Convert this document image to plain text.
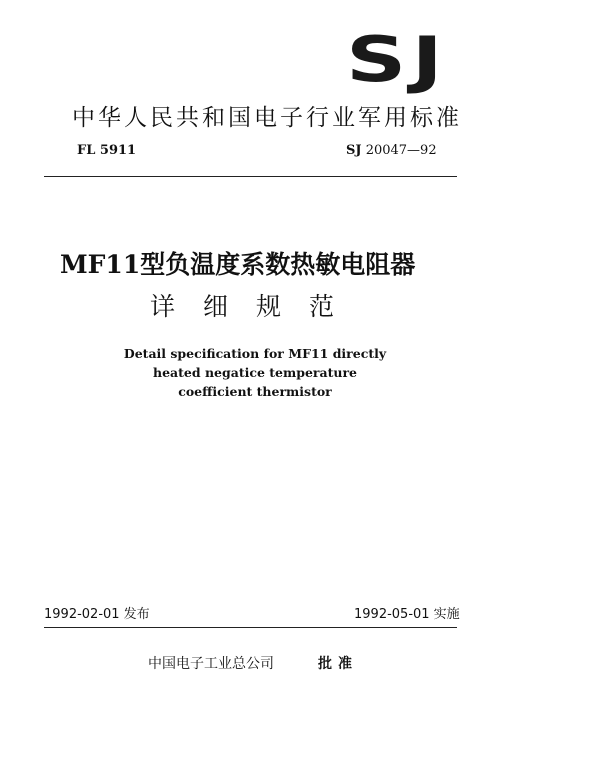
SJ
中华人民共和国电子行业军用标准
FL 5911	SJ 20047—92
MF11型负温度系数热敏电阻器
详细规范
Detail specification for MF11 directly
heated negatice temperature
coefficient thermistor
1992-02-01 发布	1992-05-01 实施
中国电子工业总公司	批准
